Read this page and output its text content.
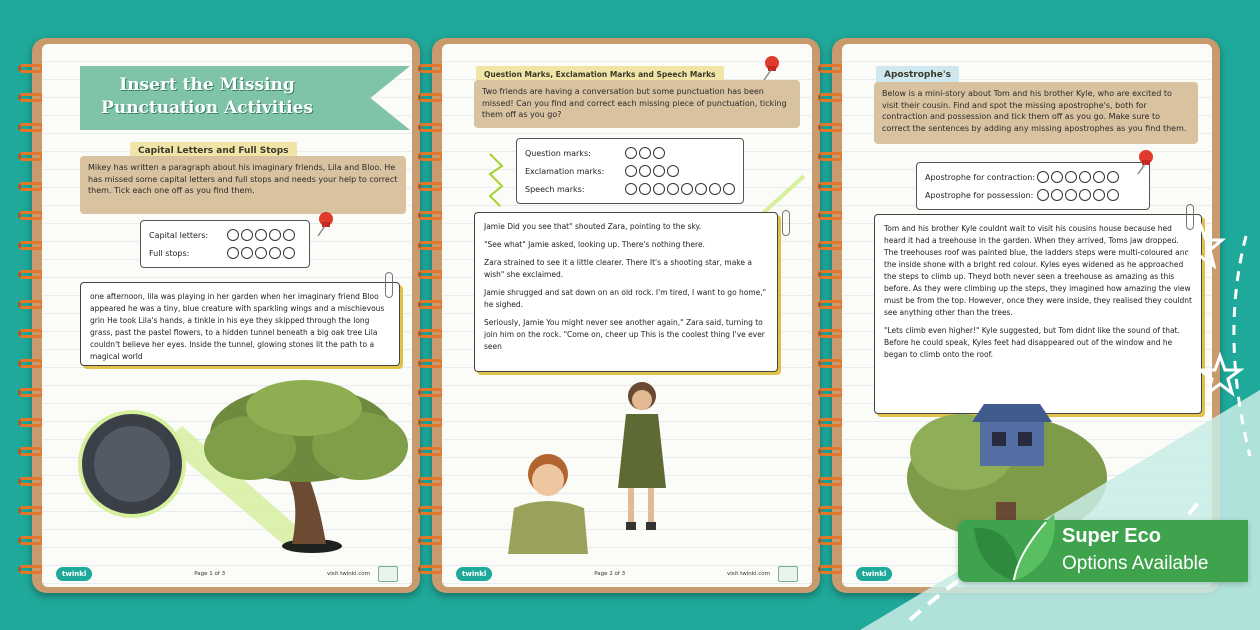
Insert the Missing
Punctuation Activities
Capital Letters and Full Stops
Mikey has written a paragraph about his imaginary friends, Lila and Bloo. He has missed some capital letters and full stops and needs your help to correct them. Tick each one off as you find them.
Capital letters:
Full stops:
one afternoon, lila was playing in her garden when her imaginary friend Bloo appeared he was a tiny, blue creature with sparkling wings and a mischievous grin He took Lila's hands, a tinkle in his eye they skipped through the long grass, past the pastel flowers, to a hidden tunnel beneath a big oak tree Lila couldn't believe her eyes. Inside the tunnel, glowing stones lit the path to a magical world
twinkl	Page 1 of 3	visit twinkl.com
Question Marks, Exclamation Marks and Speech Marks
Two friends are having a conversation but some punctuation has been missed! Can you find and correct each missing piece of punctuation, ticking them off as you go?
Question marks:
Exclamation marks:
Speech marks:

Jamie Did you see that" shouted Zara, pointing to the sky.

"See what" Jamie asked, looking up. There's nothing there.

Zara strained to see it a little clearer. There It's a shooting star, make a wish" she exclaimed.

Jamie shrugged and sat down on an old rock. I'm tired, I want to go home," he sighed.

Seriously, Jamie You might never see another again," Zara said, turning to join him on the rock. "Come on, cheer up This is the coolest thing I've ever seen

twinkl	Page 2 of 3	visit twinkl.com
Apostrophe's
Below is a mini-story about Tom and his brother Kyle, who are excited to visit their cousin. Find and spot the missing apostrophe's, both for contraction and possession and tick them off as you go. Make sure to correct the sentences by adding any missing apostrophes as you find them.
Apostrophe for contraction:
Apostrophe for possession:

Tom and his brother Kyle couldnt wait to visit his cousins house because hed heard it had a treehouse in the garden. When they arrived, Toms jaw dropped. The treehouses roof was painted blue, the ladders steps were multi-coloured and the inside shone with a bright red colour. Kyles eyes widened as he approached the steps to climb up. Theyd both never seen a treehouse as amazing as this before. As they were climbing up the steps, they imagined how amazing the view must be from the top. However, once they were inside, they realised they couldnt see anything other than the trees.

"Lets climb even higher!" Kyle suggested, but Tom didnt like the sound of that. Before he could speak, Kyles feet had disappeared out of the window and he began to climb onto the roof.

twinkl
Super Eco
Options Available
